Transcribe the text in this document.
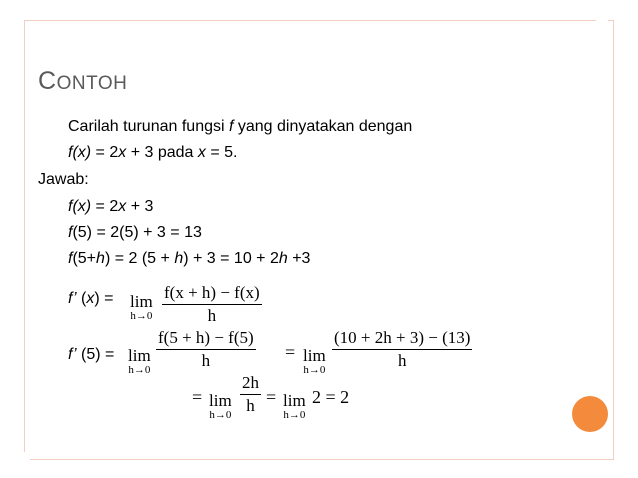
CONTOH
Carilah turunan fungsi f yang dinyatakan dengan
f(x) = 2x + 3 pada x = 5.
Jawab:
f(x) = 2x + 3
f(5) = 2(5) + 3 = 13
f(5+h) = 2 (5 + h) + 3 = 10 + 2h +3
f’ (x) = lim
h→0
f(x + h) − f(x)
h
f’ (5) = lim
h→0
f(5 + h) − f(5)
h	= lim
h→0
(10 + 2h + 3) − (13)
h
= lim
h→0
2h
h = lim
h→0
2 = 2
